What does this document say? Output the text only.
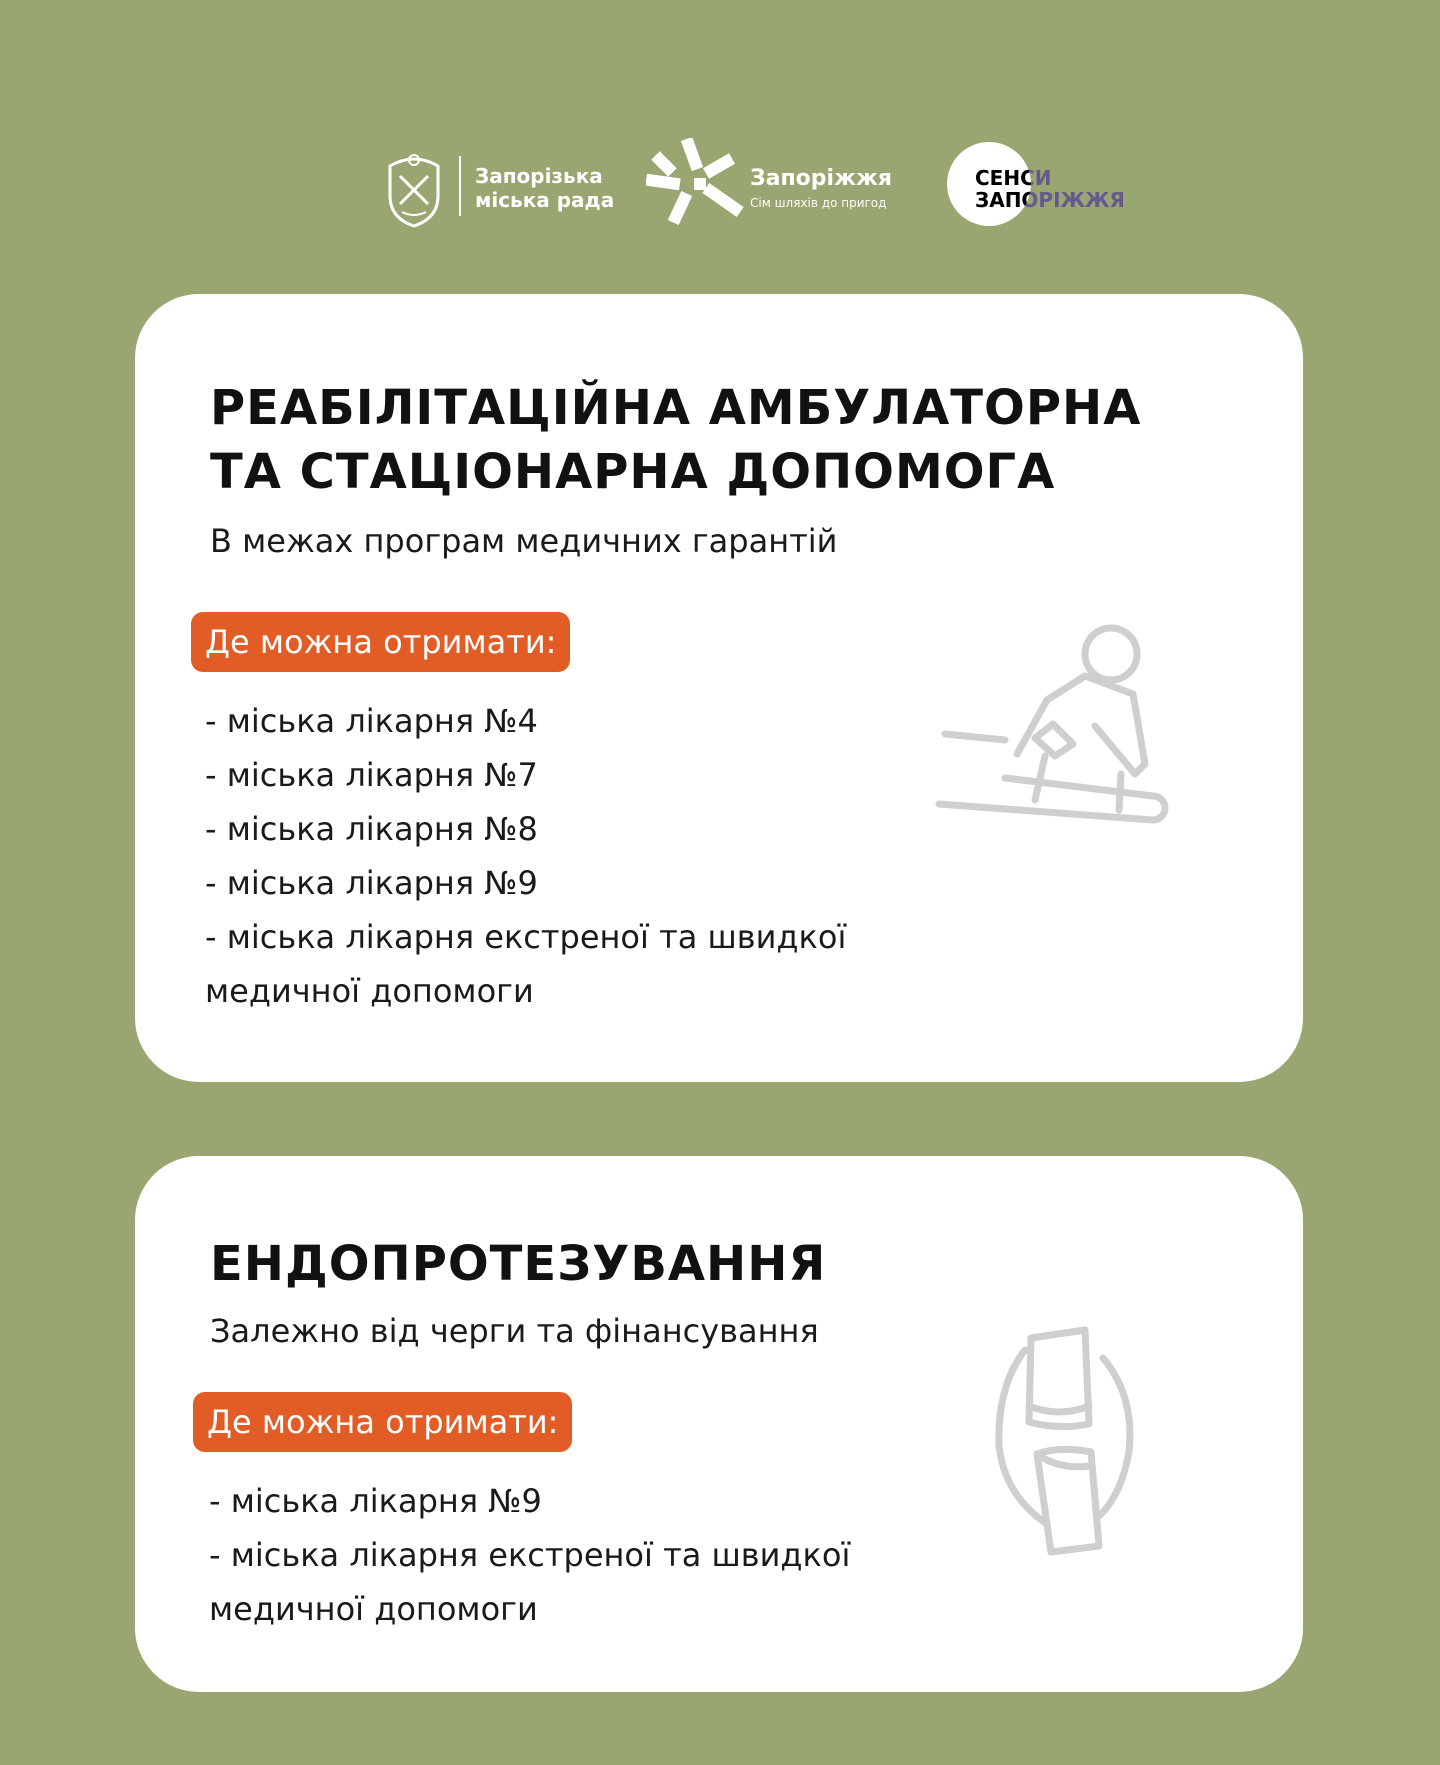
Запорізька
міська рада
Запоріжжя
Сім шляхів до пригод
СЕНСИ
ЗАПОРІЖЖЯ
РЕАБІЛІТАЦІЙНА АМБУЛАТОРНА
ТА СТАЦІОНАРНА ДОПОМОГА
В межах програм медичних гарантій
Де можна отримати:
- міська лікарня №4
- міська лікарня №7
- міська лікарня №8
- міська лікарня №9
- міська лікарня екстреної та швидкої
медичної допомоги
ЕНДОПРОТЕЗУВАННЯ
Залежно від черги та фінансування
Де можна отримати:
- міська лікарня №9
- міська лікарня екстреної та швидкої
медичної допомоги
